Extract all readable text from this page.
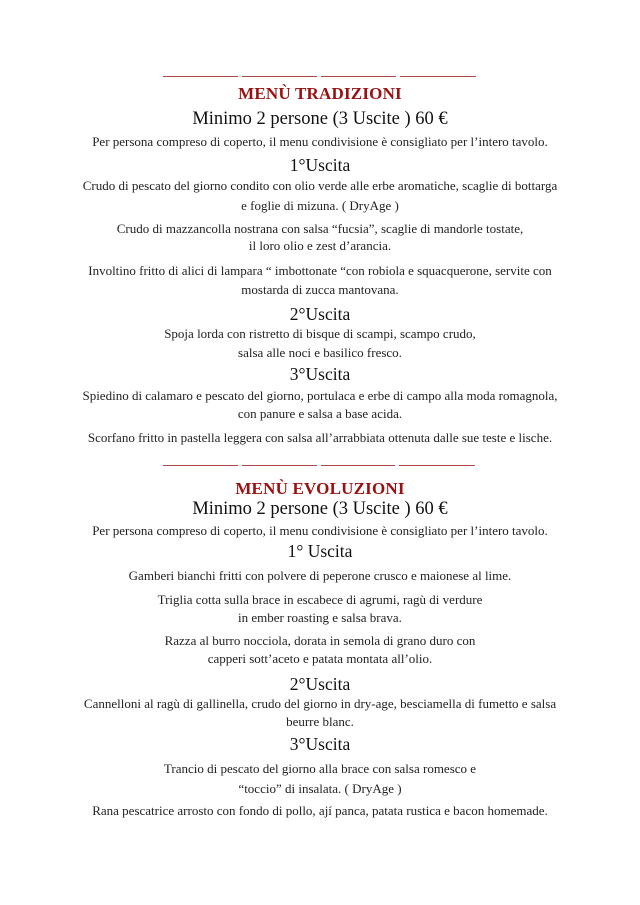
MENÙ TRADIZIONI
Minimo 2 persone (3 Uscite ) 60 €
Per persona compreso di coperto, il menu condivisione è consigliato per l’intero tavolo.
1°Uscita
Crudo di pescato del giorno condito con olio verde alle erbe aromatiche, scaglie di bottarga
e foglie di mizuna. ( DryAge )
Crudo di mazzancolla nostrana con salsa “fucsia”, scaglie di mandorle tostate,
il loro olio e zest d’arancia.
Involtino fritto di alici di lampara “ imbottonate “con robiola e squacquerone, servite con
mostarda di zucca mantovana.
2°Uscita
Spoja lorda con ristretto di bisque di scampi, scampo crudo,
salsa alle noci e basilico fresco.
3°Uscita
Spiedino di calamaro e pescato del giorno, portulaca e erbe di campo alla moda romagnola,
con panure e salsa a base acida.
Scorfano fritto in pastella leggera con salsa all’arrabbiata ottenuta dalle sue teste e lische.
MENÙ EVOLUZIONI
Minimo 2 persone (3 Uscite ) 60 €
Per persona compreso di coperto, il menu condivisione è consigliato per l’intero tavolo.
1° Uscita
Gamberi bianchi fritti con polvere di peperone crusco e maionese al lime.
Triglia cotta sulla brace in escabece di agrumi, ragù di verdure
in ember roasting e salsa brava.
Razza al burro nocciola, dorata in semola di grano duro con
capperi sott’aceto e patata montata all’olio.
2°Uscita
Cannelloni al ragù di gallinella, crudo del giorno in dry-age, besciamella di fumetto e salsa
beurre blanc.
3°Uscita
Trancio di pescato del giorno alla brace con salsa romesco e
“toccio” di insalata. ( DryAge )
Rana pescatrice arrosto con fondo di pollo, ají panca, patata rustica e bacon homemade.
